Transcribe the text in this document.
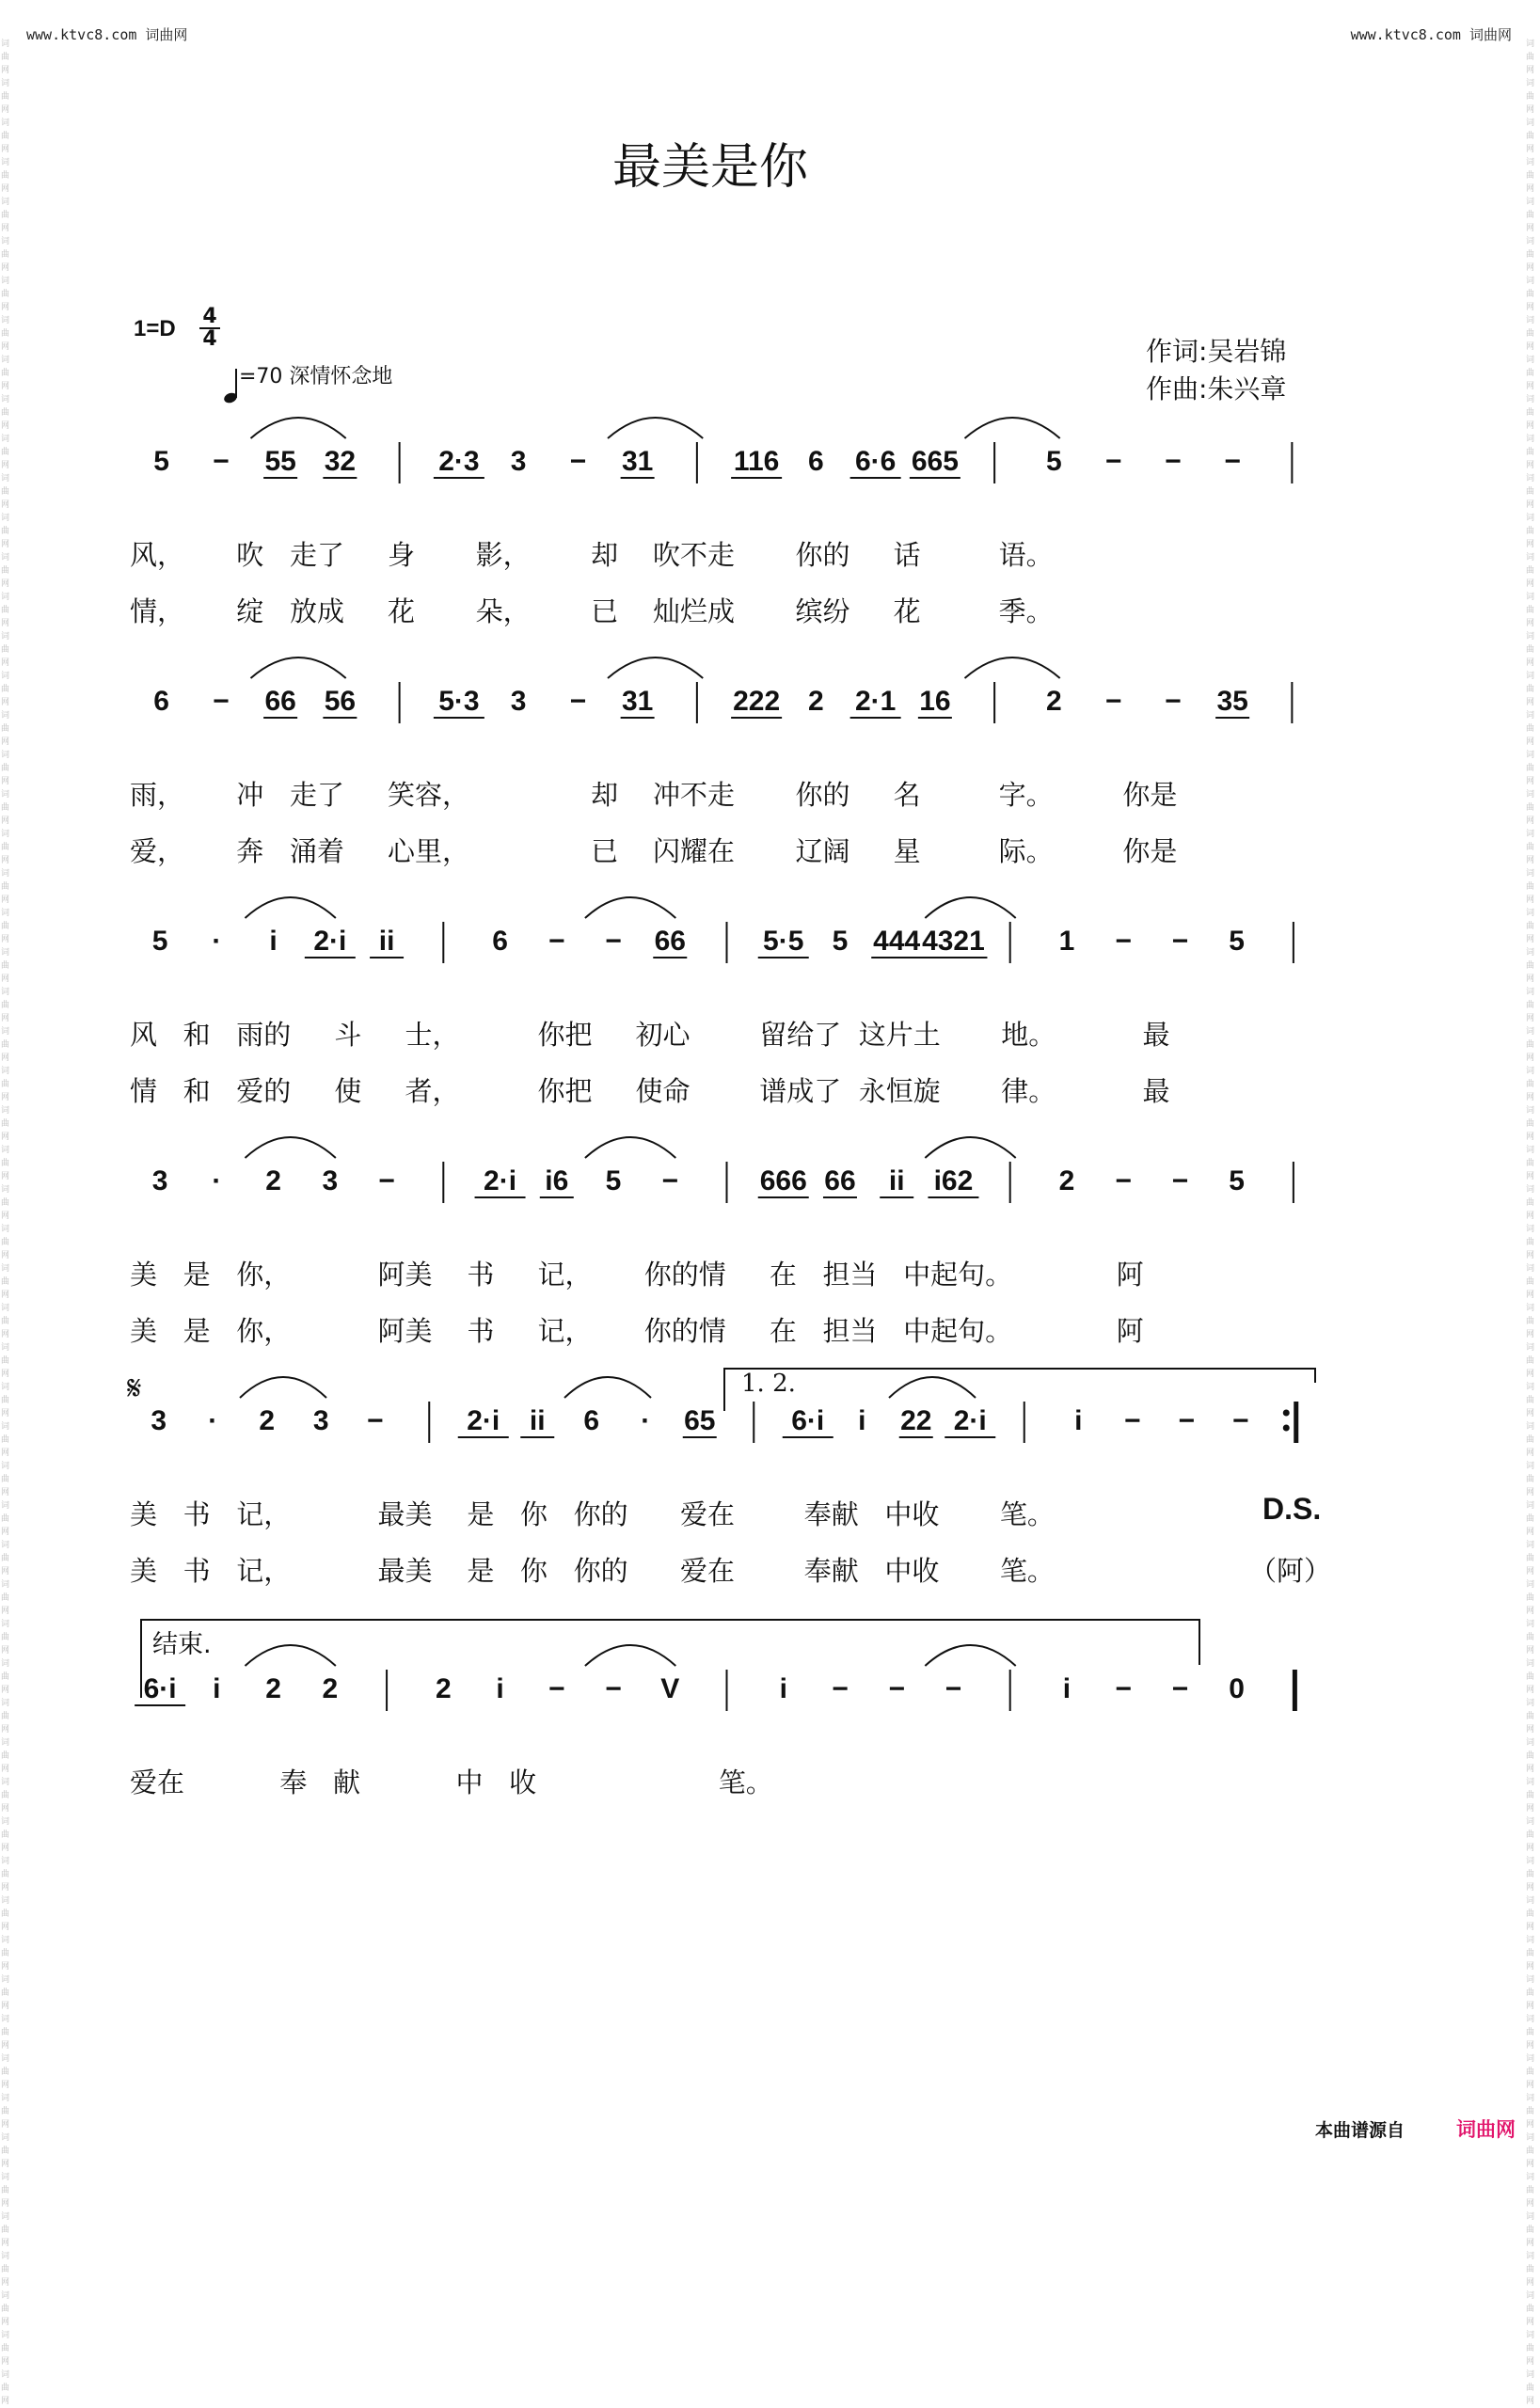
www.ktvc8.com 词曲网	www.ktvc8.com 词曲网
词曲网 词曲网 词曲网 词曲网 词曲网 词曲网 词曲网 词曲网 词曲网 词曲网 词曲网 词曲网 词曲网 词曲网 词曲网 词曲网 词曲网 词曲网 词曲网 词曲网 词曲网 词曲网 词曲网 词曲网 词曲网 词曲网 词曲网 词曲网 词曲网 词曲网 词曲网 词曲网 词曲网 词曲网 词曲网 词曲网 词曲网 词曲网 词曲网 词曲网 词曲网 词曲网 词曲网 词曲网 词曲网 词曲网 词曲网 词曲网 词曲网 词曲网 词曲网 词曲网 词曲网 词曲网 词曲网 词曲网 词曲网 词曲网 词曲网 词曲网
词曲网 词曲网 词曲网 词曲网 词曲网 词曲网 词曲网 词曲网 词曲网 词曲网 词曲网 词曲网 词曲网 词曲网 词曲网 词曲网 词曲网 词曲网 词曲网 词曲网 词曲网 词曲网 词曲网 词曲网 词曲网 词曲网 词曲网 词曲网 词曲网 词曲网 词曲网 词曲网 词曲网 词曲网 词曲网 词曲网 词曲网 词曲网 词曲网 词曲网 词曲网 词曲网 词曲网 词曲网 词曲网 词曲网 词曲网 词曲网 词曲网 词曲网 词曲网 词曲网 词曲网 词曲网 词曲网 词曲网 词曲网 词曲网 词曲网 词曲网
最美是你
1=D 4
4
=70 深情怀念地
作词:吴岩锦
作曲:朱兴章
5 − 55 32	2·3 3 − 31	116 6 6·6 665	5 − − −
6 − 66 56	5·3 3 − 31	222 2 2·1 16	2 − − 35
5 · i 2·i ii	6 − − 66	5·5 5 444 4321	1 − − 5
3 · 2 3 −	2·i i6 5 −	666 66 ii i62	2 − − 5
3 · 2 3 −	2·i ii 6 · 65	6·i i 22 2·i	i − − −
6·i i 2 2	2 i − − V	i − − −	i − − 0
风，      吹   走了     身       影，       却    吹不走       你的     话         语。
情，      绽   放成     花       朵，       已    灿烂成       缤纷     花         季。
雨，      冲   走了     笑容，              却    冲不走       你的     名         字。        你是
爱，      奔   涌着     心里，              已    闪耀在       辽阔     星         际。        你是
风   和   雨的     斗     士，         你把     初心        留给了  这片土       地。          最
情   和   爱的     使     者，         你把     使命        谱成了  永恒旋       律。          最
美   是   你，          阿美    书     记，      你的情     在   担当   中起句。            阿
美   是   你，          阿美    书     记，      你的情     在   担当   中起句。            阿
美   书   记，          最美    是   你   你的      爱在        奉献   中收       笔。
美   书   记，          最美    是   你   你的      爱在        奉献   中收       笔。
爱在           奉   献           中   收                     笔。
D.S.
（阿）
𝄋	1. 2.
结束.
本曲谱源自	词曲网
